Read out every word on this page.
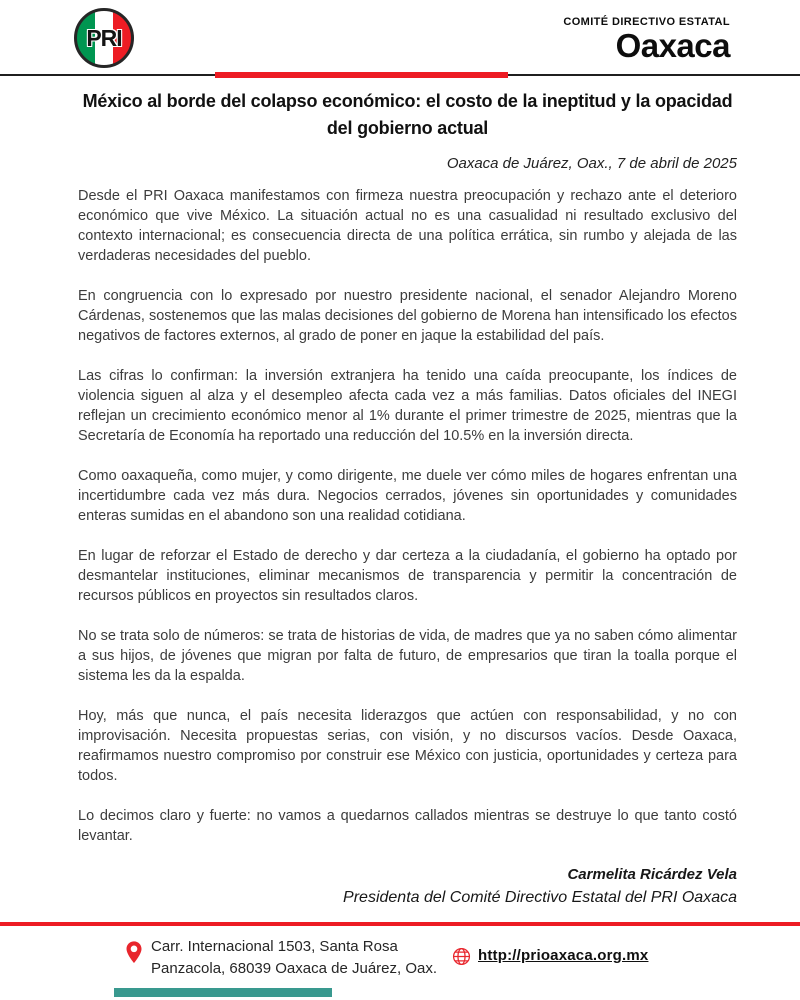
PRI
COMITÉ DIRECTIVO ESTATAL
Oaxaca
México al borde del colapso económico: el costo de la ineptitud y la opacidad del gobierno actual
Oaxaca de Juárez, Oax., 7 de abril de 2025

Desde el PRI Oaxaca manifestamos con firmeza nuestra preocupación y rechazo ante el deterioro económico que vive México. La situación actual no es una casualidad ni resultado exclusivo del contexto internacional; es consecuencia directa de una política errática, sin rumbo y alejada de las verdaderas necesidades del pueblo.

En congruencia con lo expresado por nuestro presidente nacional, el senador Alejandro Moreno Cárdenas, sostenemos que las malas decisiones del gobierno de Morena han intensificado los efectos negativos de factores externos, al grado de poner en jaque la estabilidad del país.

Las cifras lo confirman: la inversión extranjera ha tenido una caída preocupante, los índices de violencia siguen al alza y el desempleo afecta cada vez a más familias. Datos oficiales del INEGI reflejan un crecimiento económico menor al 1% durante el primer trimestre de 2025, mientras que la Secretaría de Economía ha reportado una reducción del 10.5% en la inversión directa.

Como oaxaqueña, como mujer, y como dirigente, me duele ver cómo miles de hogares enfrentan una incertidumbre cada vez más dura. Negocios cerrados, jóvenes sin oportunidades y comunidades enteras sumidas en el abandono son una realidad cotidiana.

En lugar de reforzar el Estado de derecho y dar certeza a la ciudadanía, el gobierno ha optado por desmantelar instituciones, eliminar mecanismos de transparencia y permitir la concentración de recursos públicos en proyectos sin resultados claros.

No se trata solo de números: se trata de historias de vida, de madres que ya no saben cómo alimentar a sus hijos, de jóvenes que migran por falta de futuro, de empresarios que tiran la toalla porque el sistema les da la espalda.

Hoy, más que nunca, el país necesita liderazgos que actúen con responsabilidad, y no con improvisación. Necesita propuestas serias, con visión, y no discursos vacíos. Desde Oaxaca, reafirmamos nuestro compromiso por construir ese México con justicia, oportunidades y certeza para todos.

Lo decimos claro y fuerte: no vamos a quedarnos callados mientras se destruye lo que tanto costó levantar.

Carmelita Ricárdez Vela
Presidenta del Comité Directivo Estatal del PRI Oaxaca
Carr. Internacional 1503, Santa Rosa
Panzacola, 68039 Oaxaca de Juárez, Oax.
http://prioaxaca.org.mx
